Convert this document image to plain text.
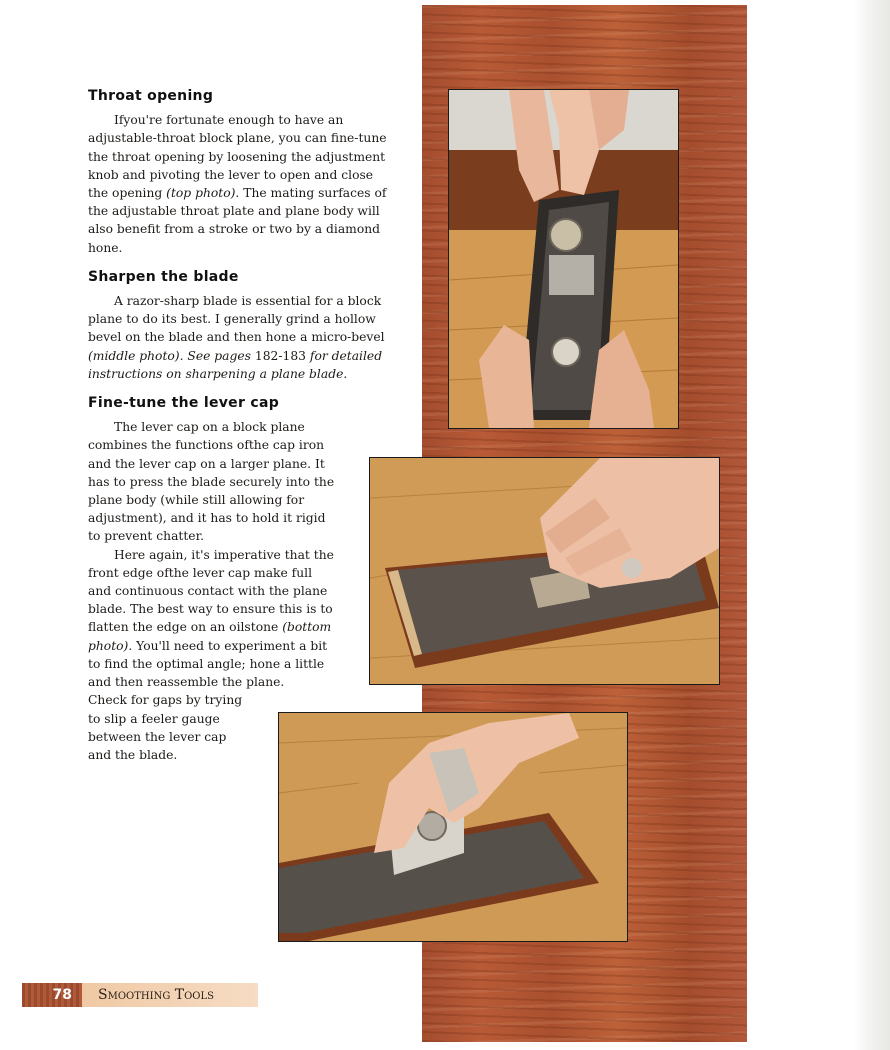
Throat opening

Ifyou're fortunate enough to have an adjustable-throat block plane, you can fine-tune the throat opening by loosening the adjustment knob and pivoting the lever to open and close the opening (top photo). The mating surfaces of the adjustable throat plate and plane body will also benefit from a stroke or two by a diamond hone.

Sharpen the blade

A razor-sharp blade is essential for a block plane to do its best. I generally grind a hollow bevel on the blade and then hone a micro-bevel (middle photo). See pages 182-183 for detailed instructions on sharpening a plane blade.

Fine-tune the lever cap

The lever cap on a block plane combines the functions ofthe cap iron and the lever cap on a larger plane. It has to press the blade securely into the plane body (while still allowing for adjustment), and it has to hold it rigid to prevent chatter.

Here again, it's imperative that the front edge ofthe lever cap make full and continuous contact with the plane blade. The best way to ensure this is to flatten the edge on an oilstone (bottom photo). You'll need to experiment a bit to find the optimal angle; hone a little and then reassemble the plane.

Check for gaps by trying to slip a feeler gauge between the lever cap and the blade.

78	Smoothing Tools
